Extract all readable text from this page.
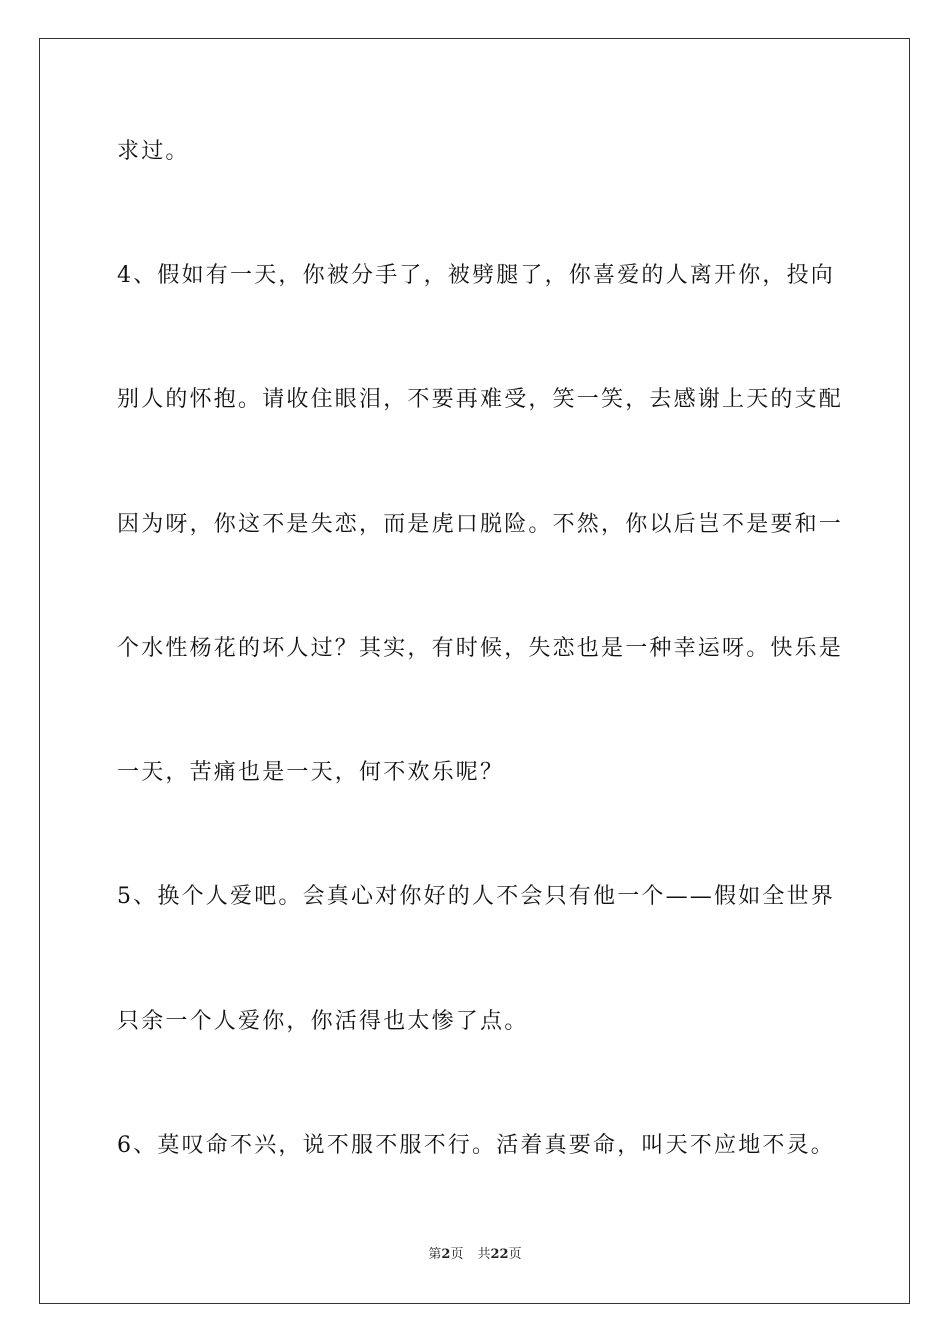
求过。
4、假如有一天，你被分手了，被劈腿了，你喜爱的人离开你，投向
别人的怀抱。请收住眼泪，不要再难受，笑一笑，去感谢上天的支配
因为呀，你这不是失恋，而是虎口脱险。不然，你以后岂不是要和一
个水性杨花的坏人过？其实，有时候，失恋也是一种幸运呀。快乐是
一天，苦痛也是一天，何不欢乐呢？
5、换个人爱吧。会真心对你好的人不会只有他一个——假如全世界
只余一个人爱你，你活得也太惨了点。
6、莫叹命不兴，说不服不服不行。活着真要命，叫天不应地不灵。
第2页 共22页
